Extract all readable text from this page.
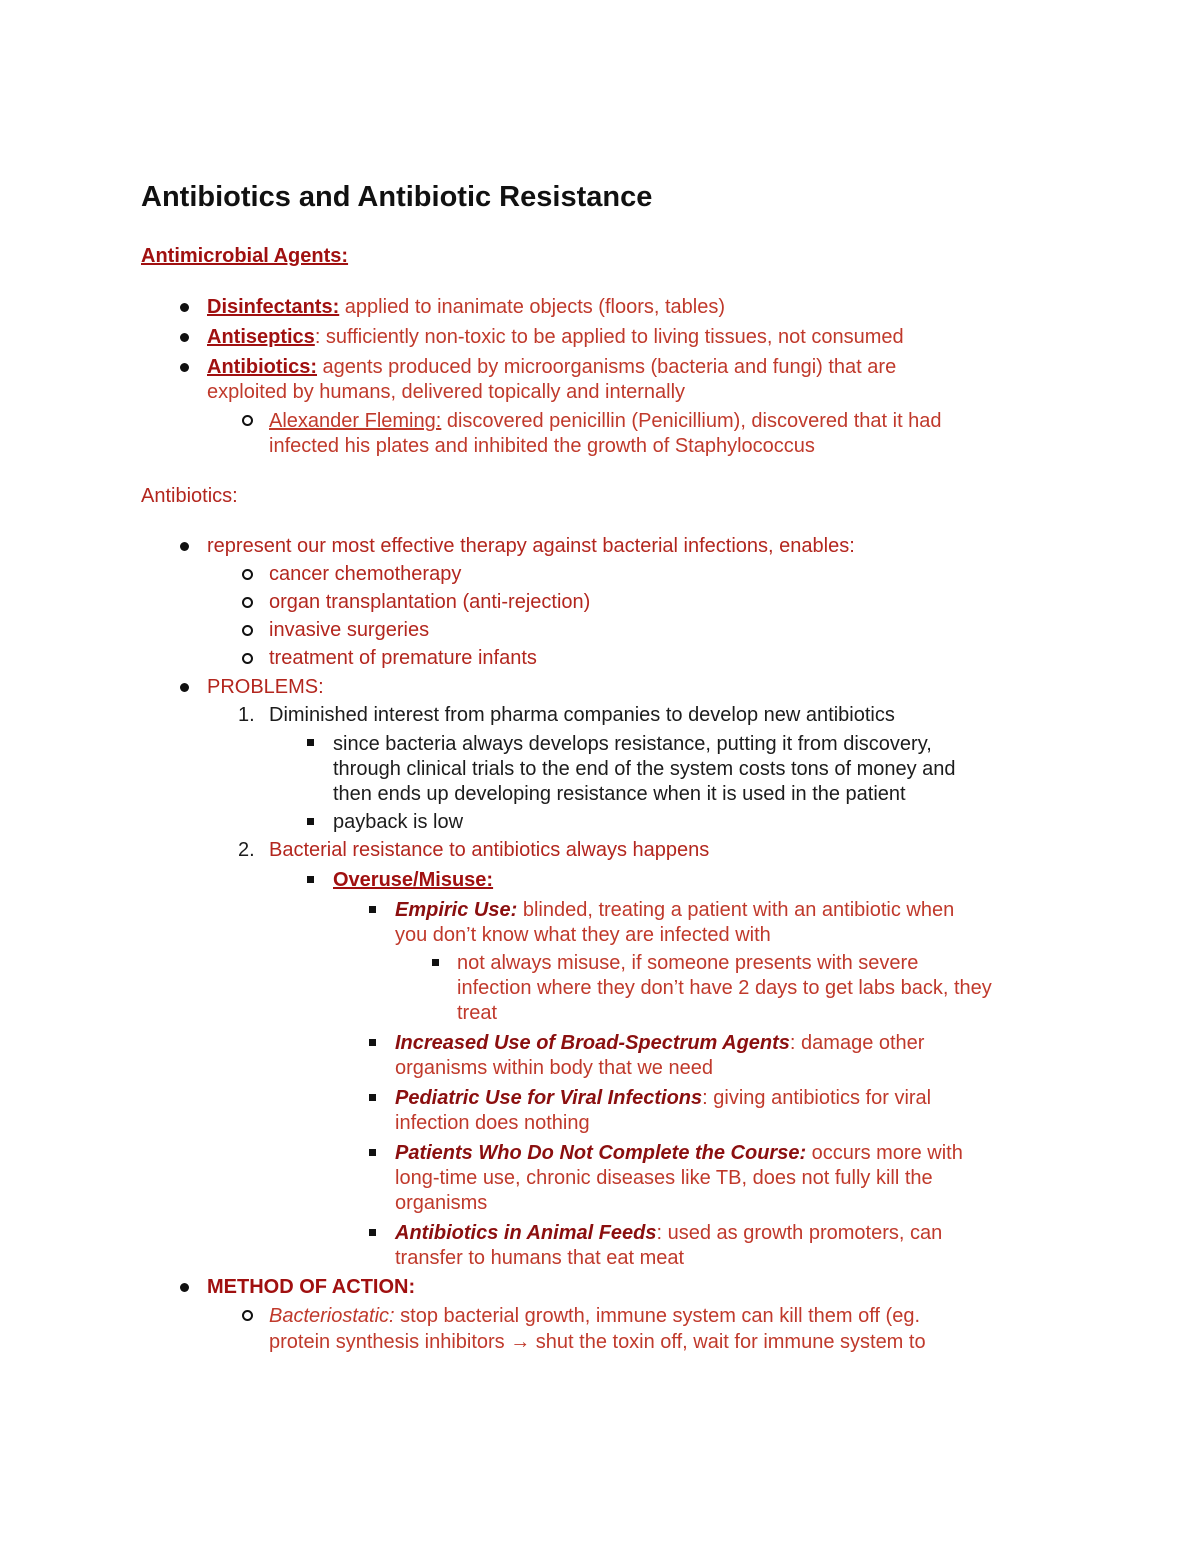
Antibiotics and Antibiotic Resistance
Antimicrobial Agents:
Disinfectants: applied to inanimate objects (floors, tables)
Antiseptics: sufficiently non-toxic to be applied to living tissues, not consumed
Antibiotics: agents produced by microorganisms (bacteria and fungi) that are
exploited by humans, delivered topically and internally
Alexander Fleming: discovered penicillin (Penicillium), discovered that it had
infected his plates and inhibited the growth of Staphylococcus
Antibiotics:
represent our most effective therapy against bacterial infections, enables:
cancer chemotherapy
organ transplantation (anti-rejection)
invasive surgeries
treatment of premature infants
PROBLEMS:
1. Diminished interest from pharma companies to develop new antibiotics
since bacteria always develops resistance, putting it from discovery,
through clinical trials to the end of the system costs tons of money and
then ends up developing resistance when it is used in the patient
payback is low
2. Bacterial resistance to antibiotics always happens
Overuse/Misuse:
Empiric Use: blinded, treating a patient with an antibiotic when
you don’t know what they are infected with
not always misuse, if someone presents with severe
infection where they don’t have 2 days to get labs back, they
treat
Increased Use of Broad-Spectrum Agents: damage other
organisms within body that we need
Pediatric Use for Viral Infections: giving antibiotics for viral
infection does nothing
Patients Who Do Not Complete the Course: occurs more with
long-time use, chronic diseases like TB, does not fully kill the
organisms
Antibiotics in Animal Feeds: used as growth promoters, can
transfer to humans that eat meat
METHOD OF ACTION:
Bacteriostatic: stop bacterial growth, immune system can kill them off (eg.
protein synthesis inhibitors → shut the toxin off, wait for immune system to
